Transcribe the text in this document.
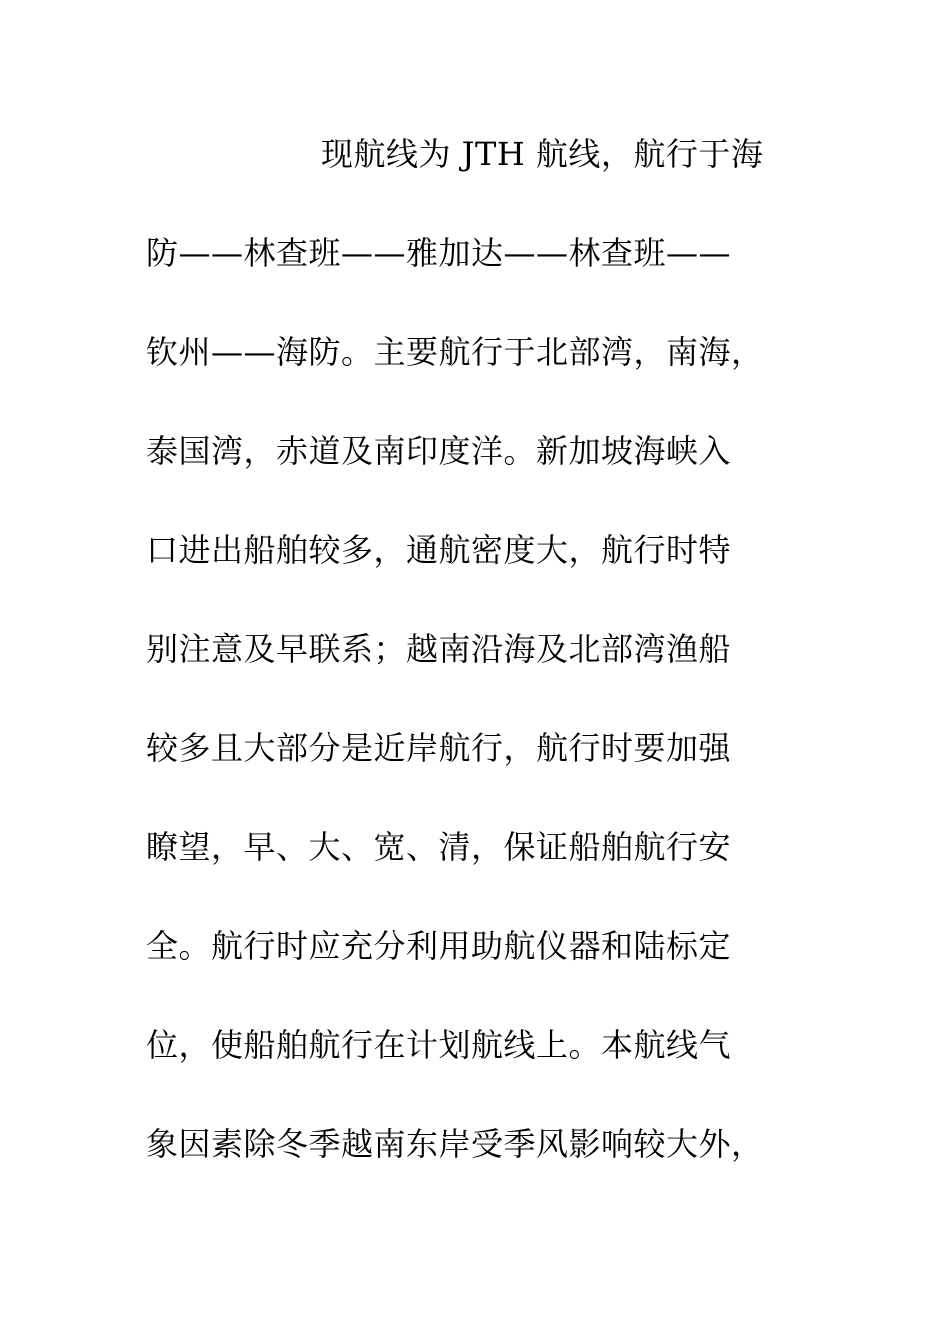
现航线为 JTH 航线，航行于海
防——林查班——雅加达——林查班——
钦州——海防。主要航行于北部湾，南海，
泰国湾，赤道及南印度洋。新加坡海峡入
口进出船舶较多，通航密度大，航行时特
别注意及早联系；越南沿海及北部湾渔船
较多且大部分是近岸航行，航行时要加强
瞭望，早、大、宽、清，保证船舶航行安
全。航行时应充分利用助航仪器和陆标定
位，使船舶航行在计划航线上。本航线气
象因素除冬季越南东岸受季风影响较大外，
